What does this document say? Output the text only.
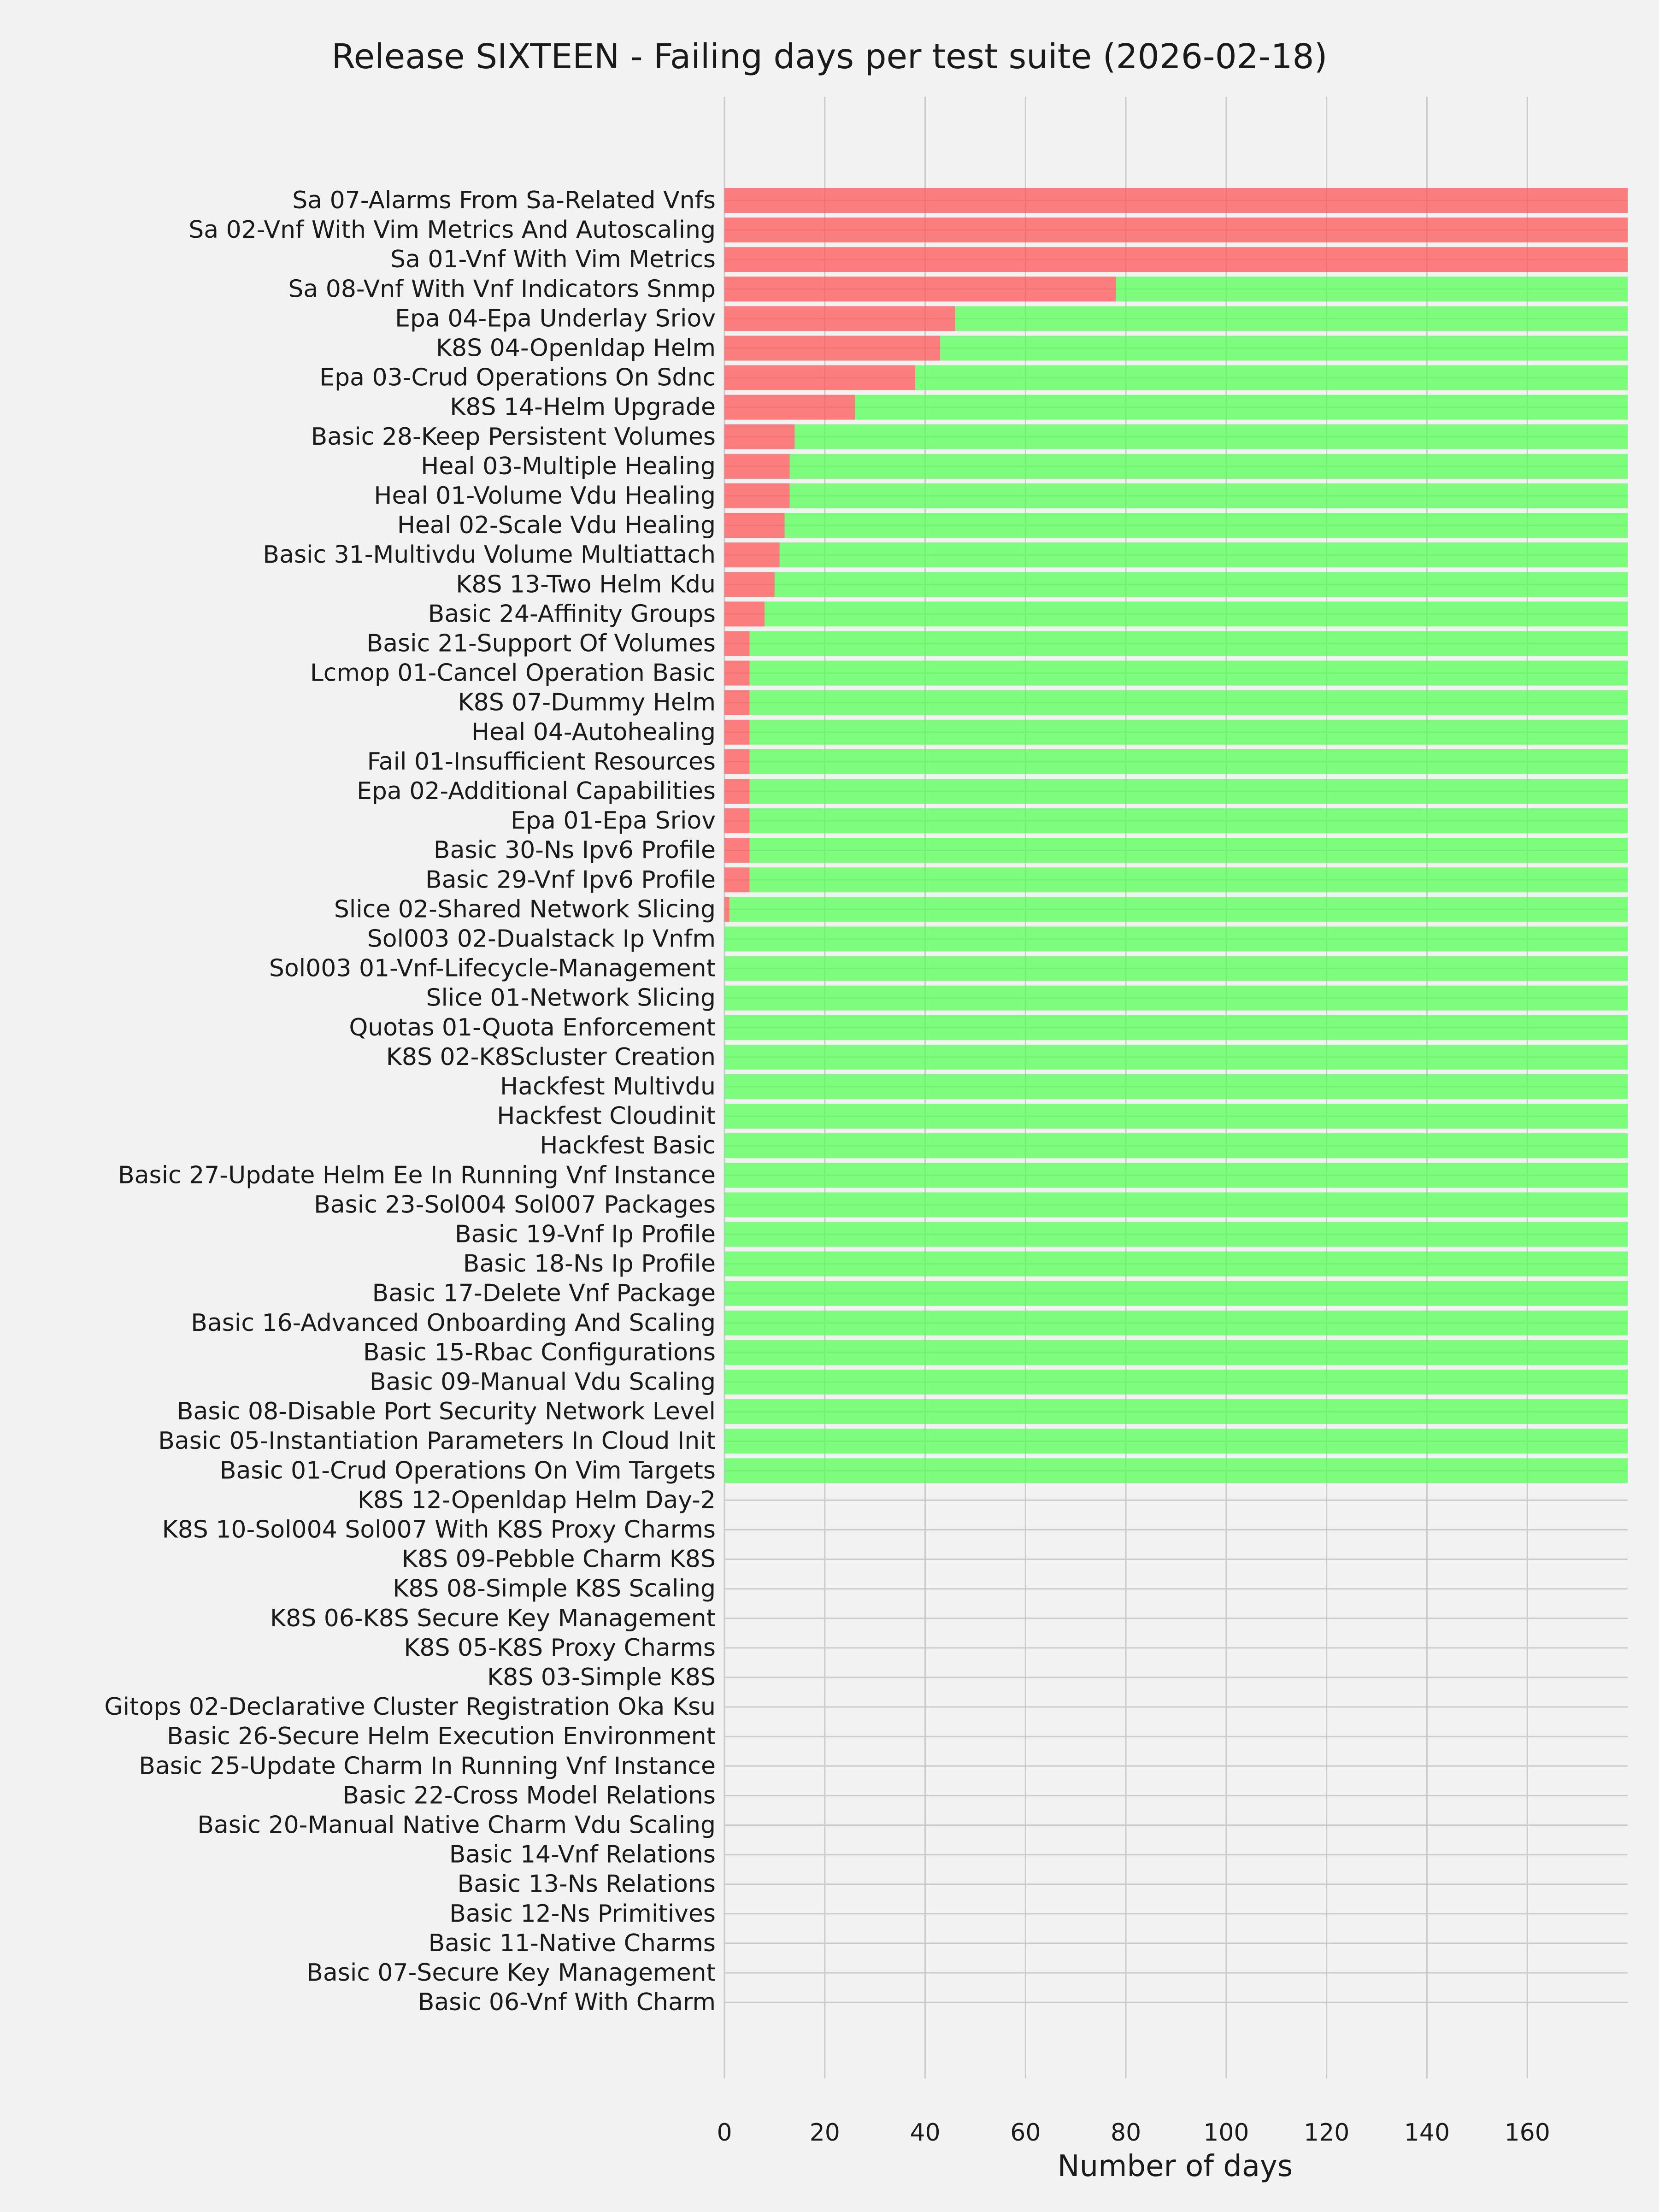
Release SIXTEEN - Failing days per test suite (2026-02-18)
Sa 07-Alarms From Sa-Related Vnfs
Sa 02-Vnf With Vim Metrics And Autoscaling
Sa 01-Vnf With Vim Metrics
Sa 08-Vnf With Vnf Indicators Snmp
Epa 04-Epa Underlay Sriov
K8S 04-Openldap Helm
Epa 03-Crud Operations On Sdnc
K8S 14-Helm Upgrade
Basic 28-Keep Persistent Volumes
Heal 03-Multiple Healing
Heal 01-Volume Vdu Healing
Heal 02-Scale Vdu Healing
Basic 31-Multivdu Volume Multiattach
K8S 13-Two Helm Kdu
Basic 24-Affinity Groups
Basic 21-Support Of Volumes
Lcmop 01-Cancel Operation Basic
K8S 07-Dummy Helm
Heal 04-Autohealing
Fail 01-Insufficient Resources
Epa 02-Additional Capabilities
Epa 01-Epa Sriov
Basic 30-Ns Ipv6 Profile
Basic 29-Vnf Ipv6 Profile
Slice 02-Shared Network Slicing
Sol003 02-Dualstack Ip Vnfm
Sol003 01-Vnf-Lifecycle-Management
Slice 01-Network Slicing
Quotas 01-Quota Enforcement
K8S 02-K8Scluster Creation
Hackfest Multivdu
Hackfest Cloudinit
Hackfest Basic
Basic 27-Update Helm Ee In Running Vnf Instance
Basic 23-Sol004 Sol007 Packages
Basic 19-Vnf Ip Profile
Basic 18-Ns Ip Profile
Basic 17-Delete Vnf Package
Basic 16-Advanced Onboarding And Scaling
Basic 15-Rbac Configurations
Basic 09-Manual Vdu Scaling
Basic 08-Disable Port Security Network Level
Basic 05-Instantiation Parameters In Cloud Init
Basic 01-Crud Operations On Vim Targets
K8S 12-Openldap Helm Day-2
K8S 10-Sol004 Sol007 With K8S Proxy Charms
K8S 09-Pebble Charm K8S
K8S 08-Simple K8S Scaling
K8S 06-K8S Secure Key Management
K8S 05-K8S Proxy Charms
K8S 03-Simple K8S
Gitops 02-Declarative Cluster Registration Oka Ksu
Basic 26-Secure Helm Execution Environment
Basic 25-Update Charm In Running Vnf Instance
Basic 22-Cross Model Relations
Basic 20-Manual Native Charm Vdu Scaling
Basic 14-Vnf Relations
Basic 13-Ns Relations
Basic 12-Ns Primitives
Basic 11-Native Charms
Basic 07-Secure Key Management
Basic 06-Vnf With Charm
0	20	40	60	80	100 120 140 160
Number of days
